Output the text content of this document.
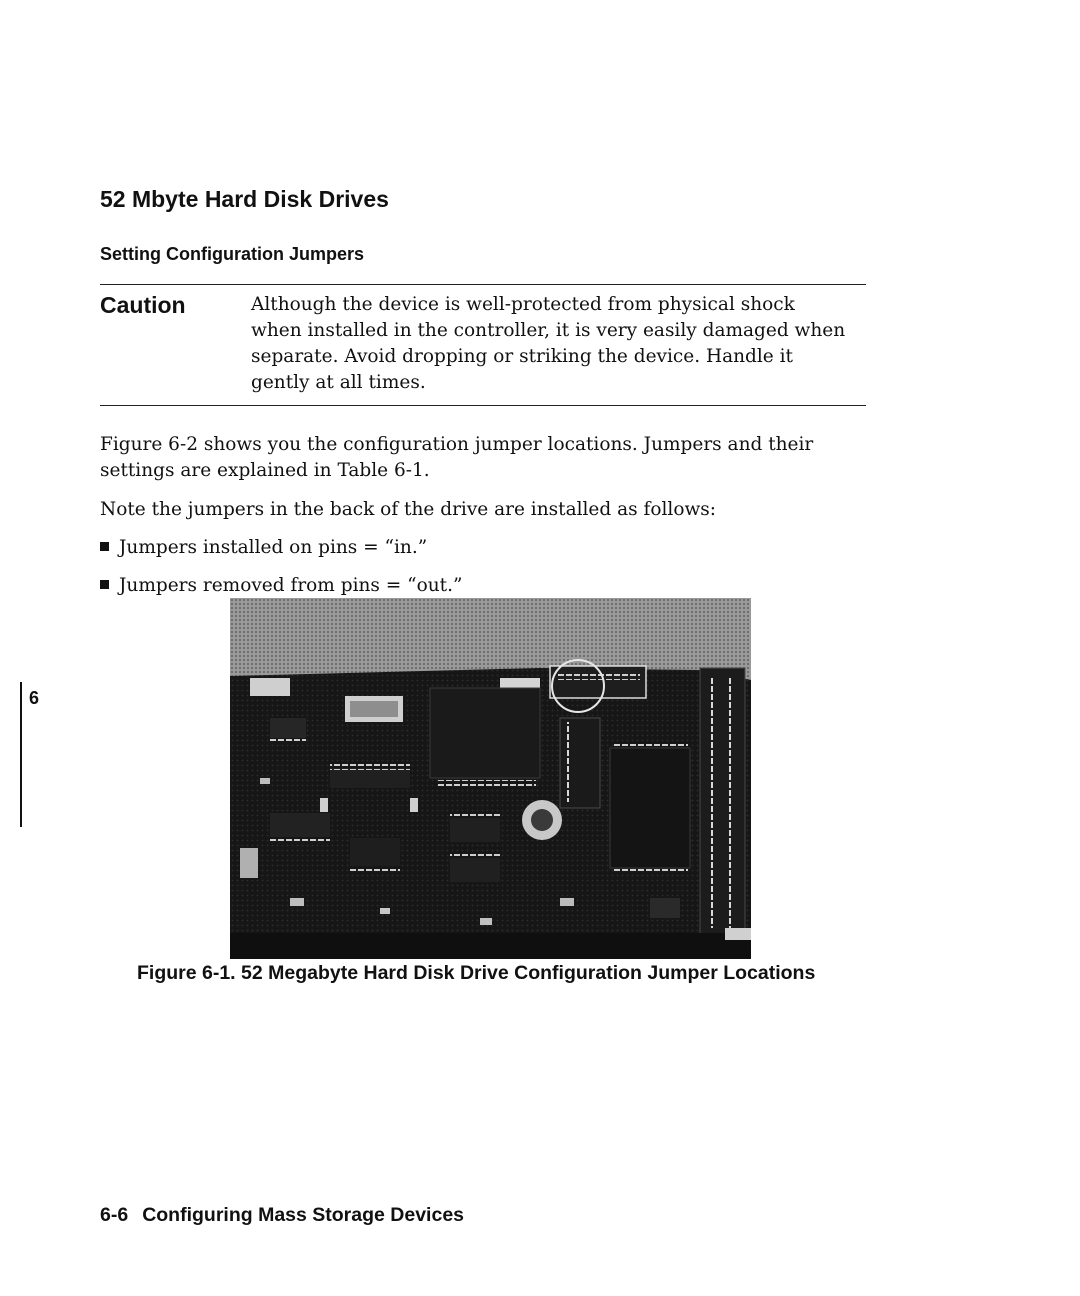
52 Mbyte Hard Disk Drives
Setting Configuration Jumpers
Caution	Although the device is well-protected from physical shock
when installed in the controller, it is very easily damaged when
separate. Avoid dropping or striking the device. Handle it
gently at all times.
Figure 6-2 shows you the configuration jumper locations. Jumpers and their
settings are explained in Table 6-1.
Note the jumpers in the back of the drive are installed as follows:
Jumpers installed on pins = “in.”
Jumpers removed from pins = “out.”
6
Figure 6-1. 52 Megabyte Hard Disk Drive Configuration Jumper Locations
6-6 Configuring Mass Storage Devices
